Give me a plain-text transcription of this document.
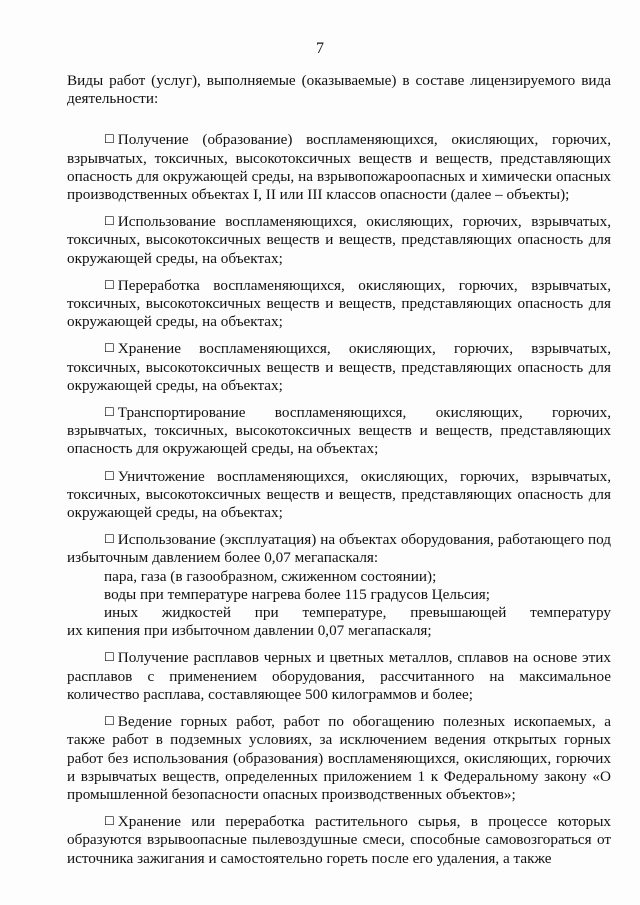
7

Виды работ (услуг), выполняемые (оказываемые) в составе лицензируемого вида деятельности:

☐ Получение (образование) воспламеняющихся, окисляющих, горючих, взрывчатых, токсичных, высокотоксичных веществ и веществ, представляющих опасность для окружающей среды, на взрывопожароопасных и химически опасных производственных объектах I, II или III классов опасности (далее – объекты);

☐ Использование воспламеняющихся, окисляющих, горючих, взрывчатых, токсичных, высокотоксичных веществ и веществ, представляющих опасность для окружающей среды, на объектах;

☐ Переработка воспламеняющихся, окисляющих, горючих, взрывчатых, токсичных, высокотоксичных веществ и веществ, представляющих опасность для окружающей среды, на объектах;

☐ Хранение воспламеняющихся, окисляющих, горючих, взрывчатых, токсичных, высокотоксичных веществ и веществ, представляющих опасность для окружающей среды, на объектах;

☐ Транспортирование воспламеняющихся, окисляющих, горючих, взрывчатых, токсичных, высокотоксичных веществ и веществ, представляющих опасность для окружающей среды, на объектах;

☐ Уничтожение воспламеняющихся, окисляющих, горючих, взрывчатых, токсичных, высокотоксичных веществ и веществ, представляющих опасность для окружающей среды, на объектах;

☐ Использование (эксплуатация) на объектах оборудования, работающего под избыточным давлением более 0,07 мегапаскаля:

пара, газа (в газообразном, сжиженном состоянии);

воды при температуре нагрева более 115 градусов Цельсия;

иных жидкостей при температуре, превышающей температуру

их кипения при избыточном давлении 0,07 мегапаскаля;

☐ Получение расплавов черных и цветных металлов, сплавов на основе этих расплавов с применением оборудования, рассчитанного на максимальное количество расплава, составляющее 500 килограммов и более;

☐ Ведение горных работ, работ по обогащению полезных ископаемых, а также работ в подземных условиях, за исключением ведения открытых горных работ без использования (образования) воспламеняющихся, окисляющих, горючих и взрывчатых веществ, определенных приложением 1 к Федеральному закону «О промышленной безопасности опасных производственных объектов»;

☐ Хранение или переработка растительного сырья, в процессе которых образуются взрывоопасные пылевоздушные смеси, способные самовозгораться от источника зажигания и самостоятельно гореть после его удаления, а также
